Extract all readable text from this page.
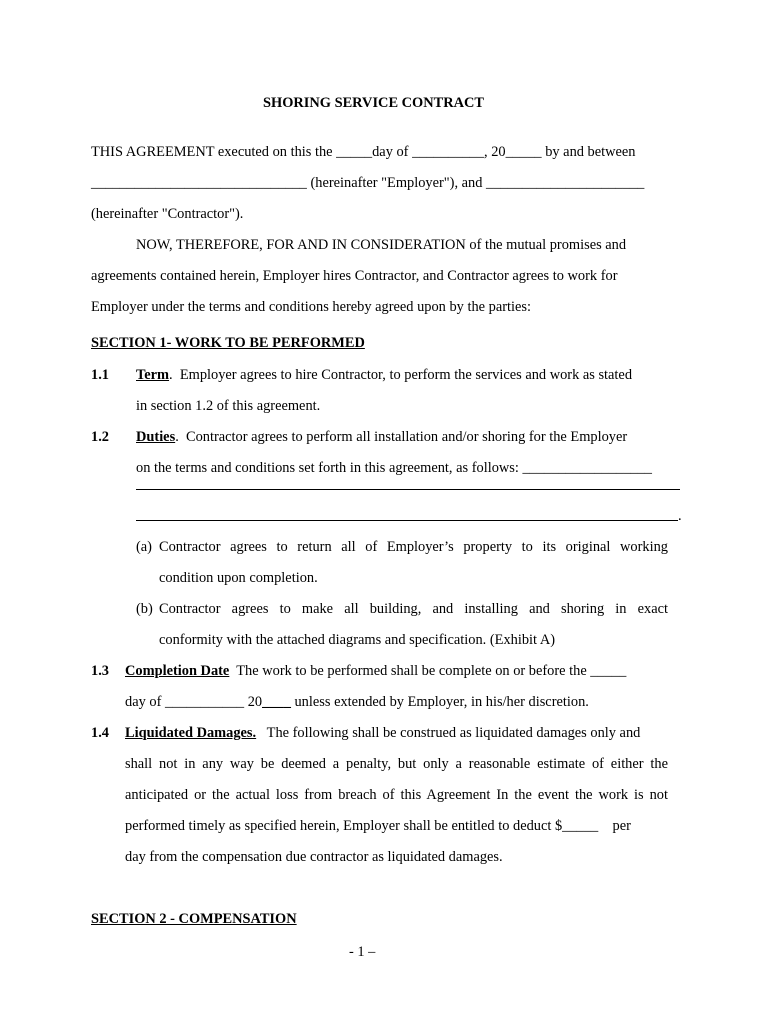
SHORING SERVICE CONTRACT
THIS AGREEMENT executed on this the _____day of __________, 20_____ by and between
______________________________ (hereinafter "Employer"), and ______________________
(hereinafter "Contractor").
NOW, THEREFORE, FOR AND IN CONSIDERATION of the mutual promises and
agreements contained herein, Employer hires Contractor, and Contractor agrees to work for
Employer under the terms and conditions hereby agreed upon by the parties:
SECTION 1- WORK TO BE PERFORMED
1.1 Term.  Employer agrees to hire Contractor, to perform the services and work as stated
in section 1.2 of this agreement.
1.2 Duties.  Contractor agrees to perform all installation and/or shoring for the Employer
on the terms and conditions set forth in this agreement, as follows: __________________
.
(a) Contractor agrees to return all of Employer’s property to its original working
condition upon completion.
(b) Contractor agrees to make all building, and installing and shoring in exact
conformity with the attached diagrams and specification. (Exhibit A)
1.3 Completion Date  The work to be performed shall be complete on or before the _____
day of ___________ 20____ unless extended by Employer, in his/her discretion.
1.4 Liquidated Damages.   The following shall be construed as liquidated damages only and
shall not in any way be deemed a penalty, but only a reasonable estimate of either the
anticipated or the actual loss from breach of this Agreement In the event the work is not
performed timely as specified herein, Employer shall be entitled to deduct $_____    per
day from the compensation due contractor as liquidated damages.
SECTION 2 - COMPENSATION
- 1 –
